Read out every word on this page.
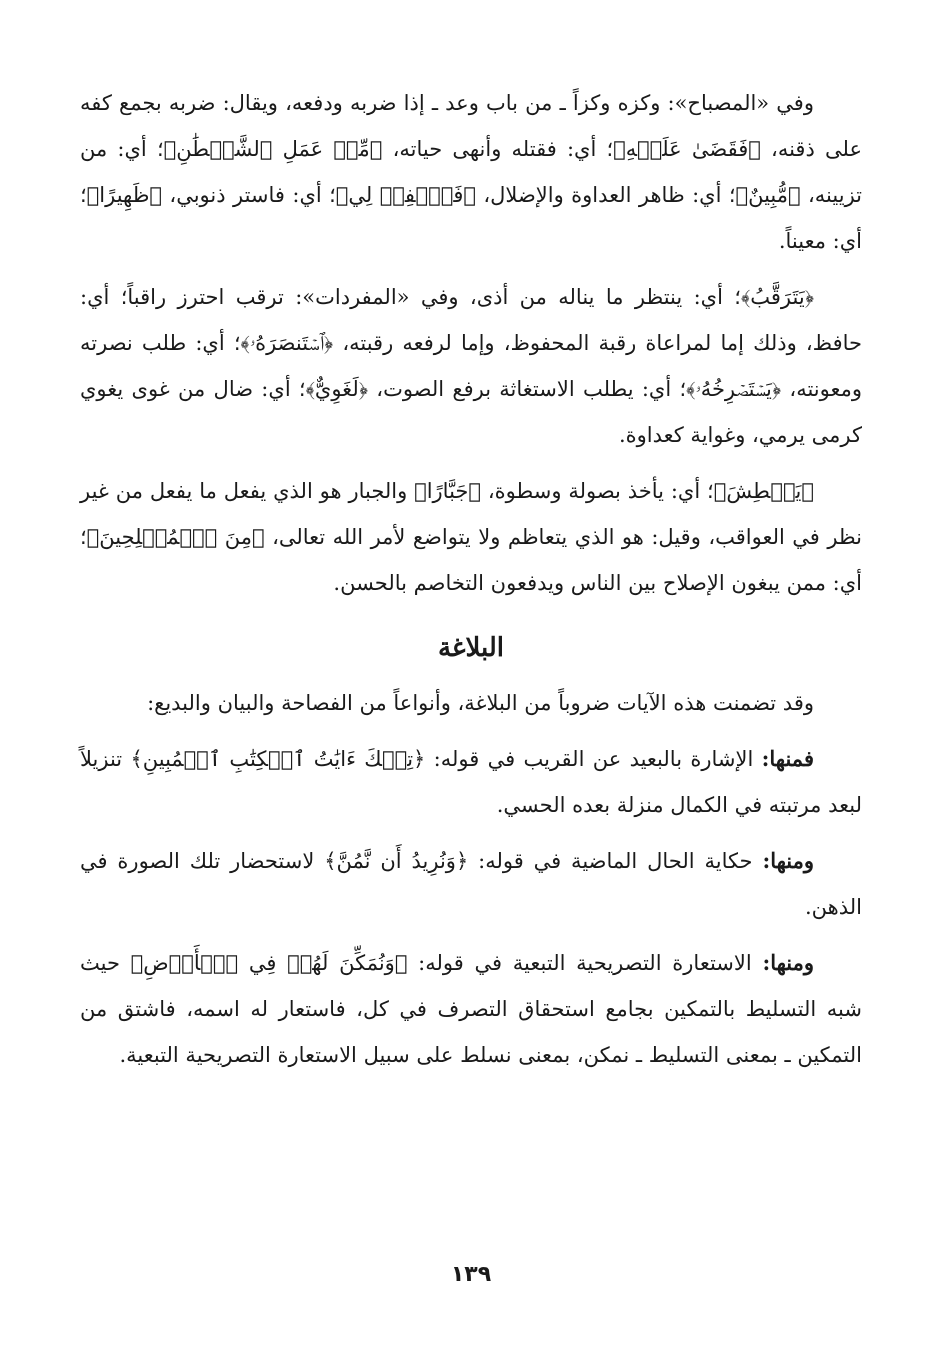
وفي «المصباح»: وكزه وكزاً ـ من باب وعد ـ إذا ضربه ودفعه، ويقال: ضربه بجمع كفه على ذقنه، ﴿فَقَضَىٰ عَلَيۡهِ﴾؛ أي: فقتله وأنهى حياته، ﴿مِّنۡ عَمَلِ ٱلشَّيۡطَٰنِ﴾؛ أي: من تزيينه، ﴿مُّبِينٌ﴾؛ أي: ظاهر العداوة والإضلال، ﴿فَٱغۡفِرۡ لِي﴾؛ أي: فاستر ذنوبي، ﴿ظَهِيرًا﴾؛ أي: معيناً.

﴿يَتَرَقَّبُ﴾؛ أي: ينتظر ما يناله من أذى، وفي «المفردات»: ترقب احترز راقباً؛ أي: حافظ، وذلك إما لمراعاة رقبة المحفوظ، وإما لرفعه رقبته، ﴿ٱسۡتَنصَرَهُۥ﴾؛ أي: طلب نصرته ومعونته، ﴿يَسۡتَصۡرِخُهُۥ﴾؛ أي: يطلب الاستغاثة برفع الصوت، ﴿لَغَوِيٌّ﴾؛ أي: ضال من غوى يغوي كرمى يرمي، وغواية كعداوة.

﴿يَبۡطِشَ﴾؛ أي: يأخذ بصولة وسطوة، ﴿جَبَّارًا﴾ والجبار هو الذي يفعل ما يفعل من غير نظر في العواقب، وقيل: هو الذي يتعاظم ولا يتواضع لأمر الله تعالى، ﴿مِنَ ٱلۡمُصۡلِحِينَ﴾؛ أي: ممن يبغون الإصلاح بين الناس ويدفعون التخاصم بالحسن.

البلاغة

وقد تضمنت هذه الآيات ضروباً من البلاغة، وأنواعاً من الفصاحة والبيان والبديع:

فمنها: الإشارة بالبعيد عن القريب في قوله: ﴿تِلۡكَ ءَايَٰتُ ٱلۡكِتَٰبِ ٱلۡمُبِينِ﴾ تنزيلاً لبعد مرتبته في الكمال منزلة بعده الحسي.

ومنها: حكاية الحال الماضية في قوله: ﴿وَنُرِيدُ أَن نَّمُنَّ﴾ لاستحضار تلك الصورة في الذهن.

ومنها: الاستعارة التصريحية التبعية في قوله: ﴿وَنُمَكِّنَ لَهُمۡ فِي ٱلۡأَرۡضِ﴾ حيث شبه التسليط بالتمكين بجامع استحقاق التصرف في كل، فاستعار له اسمه، فاشتق من التمكين ـ بمعنى التسليط ـ نمكن، بمعنى نسلط على سبيل الاستعارة التصريحية التبعية.

١٣٩
